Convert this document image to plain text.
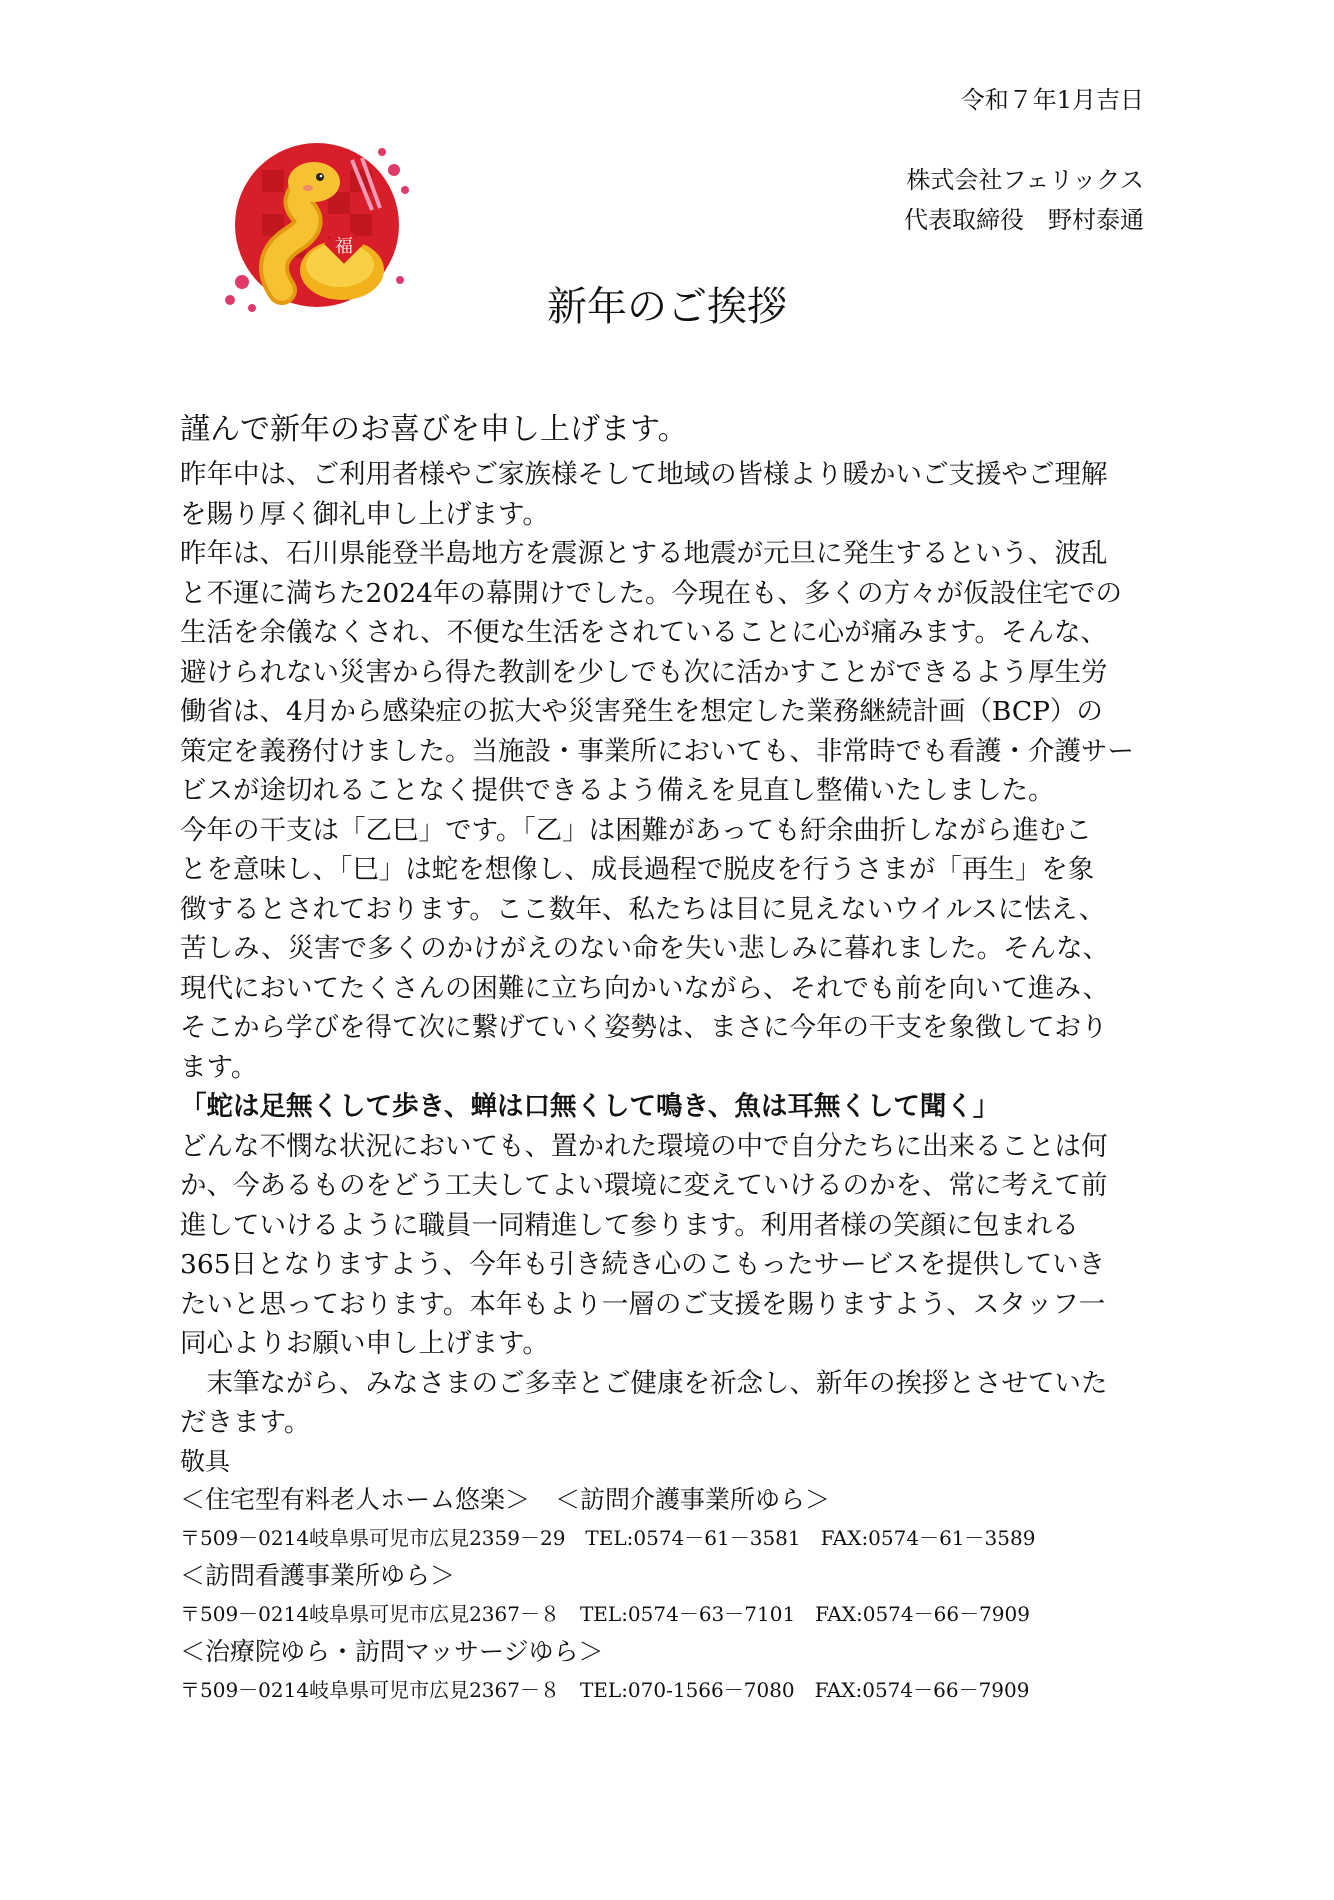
令和７年1月吉日
株式会社フェリックス
代表取締役　野村泰通
福
新年のご挨拶

謹んで新年のお喜びを申し上げます。

昨年中は、ご利用者様やご家族様そして地域の皆様より暖かいご支援やご理解

を賜り厚く御礼申し上げます。

昨年は、石川県能登半島地方を震源とする地震が元旦に発生するという、波乱

と不運に満ちた2024年の幕開けでした。今現在も、多くの方々が仮設住宅での

生活を余儀なくされ、不便な生活をされていることに心が痛みます。そんな、

避けられない災害から得た教訓を少しでも次に活かすことができるよう厚生労

働省は、4月から感染症の拡大や災害発生を想定した業務継続計画（BCP）の

策定を義務付けました。当施設・事業所においても、非常時でも看護・介護サー

ビスが途切れることなく提供できるよう備えを見直し整備いたしました。

今年の干支は「乙巳」です。「乙」は困難があっても紆余曲折しながら進むこ

とを意味し、「巳」は蛇を想像し、成長過程で脱皮を行うさまが「再生」を象

徴するとされております。ここ数年、私たちは目に見えないウイルスに怯え、

苦しみ、災害で多くのかけがえのない命を失い悲しみに暮れました。そんな、

現代においてたくさんの困難に立ち向かいながら、それでも前を向いて進み、

そこから学びを得て次に繋げていく姿勢は、まさに今年の干支を象徴しており

ます。

「蛇は足無くして歩き、蝉は口無くして鳴き、魚は耳無くして聞く」

どんな不憫な状況においても、置かれた環境の中で自分たちに出来ることは何

か、今あるものをどう工夫してよい環境に変えていけるのかを、常に考えて前

進していけるように職員一同精進して参ります。利用者様の笑顔に包まれる

365日となりますよう、今年も引き続き心のこもったサービスを提供していき

たいと思っております。本年もより一層のご支援を賜りますよう、スタッフ一

同心よりお願い申し上げます。

末筆ながら、みなさまのご多幸とご健康を祈念し、新年の挨拶とさせていた

だきます。

敬具

＜住宅型有料老人ホーム悠楽＞　＜訪問介護事業所ゆら＞

〒509－0214岐阜県可児市広見2359－29　TEL:0574－61－3581　FAX:0574－61－3589

＜訪問看護事業所ゆら＞

〒509－0214岐阜県可児市広見2367－８　TEL:0574－63－7101　FAX:0574－66－7909

＜治療院ゆら・訪問マッサージゆら＞

〒509－0214岐阜県可児市広見2367－８　TEL:070-1566－7080　FAX:0574－66－7909
